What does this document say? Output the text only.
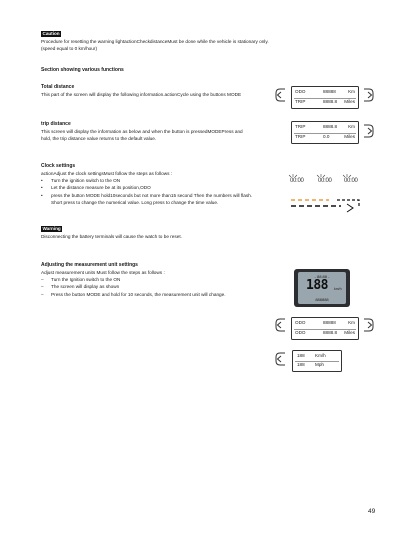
Caution
Procedure for resetting the warning lightactionCheckdistanceMust be done while the vehicle is stationary only.
(speed equal to 0 km/hour)
Section showing various functions
Total distance
This part of the screen will display the following information.actionCycle using the buttons MODE
ODO	88888	Km
TRIP	8888.8 Miles
trip distance
This screen will display the information as below and when the button is pressedMODEPress and
hold, the trip distance value returns to the default value.
TRIP	8888.8 Km
TRIP	0.0	Miles
Clock settings
actionAdjust the clock settingsMust follow the steps as follows :
• Turn the ignition switch to the ON
• Let the distance measure be at its position,ODO
• press the button MODE hold10seconds but not more than15 second Then the numbers will flash.
Short press to change the numerical value. Long press to change the time value.
00:00 00:00 00:00
Warning
Disconnecting the battery terminals will cause the watch to be reset.
Adjusting the measurement unit settings
Adjust measurement units Must follow the steps as follows :
– Turn the Ignition switch to the ON
– The screen will display as shown
– Press the button MODE and hold for 10 seconds, the measurement unit will change.
- 88:88 -
188 km/h
888888
ODO	88888	Km
ODO	8888.8 Miles
188 Km/h
188 Mph
49
